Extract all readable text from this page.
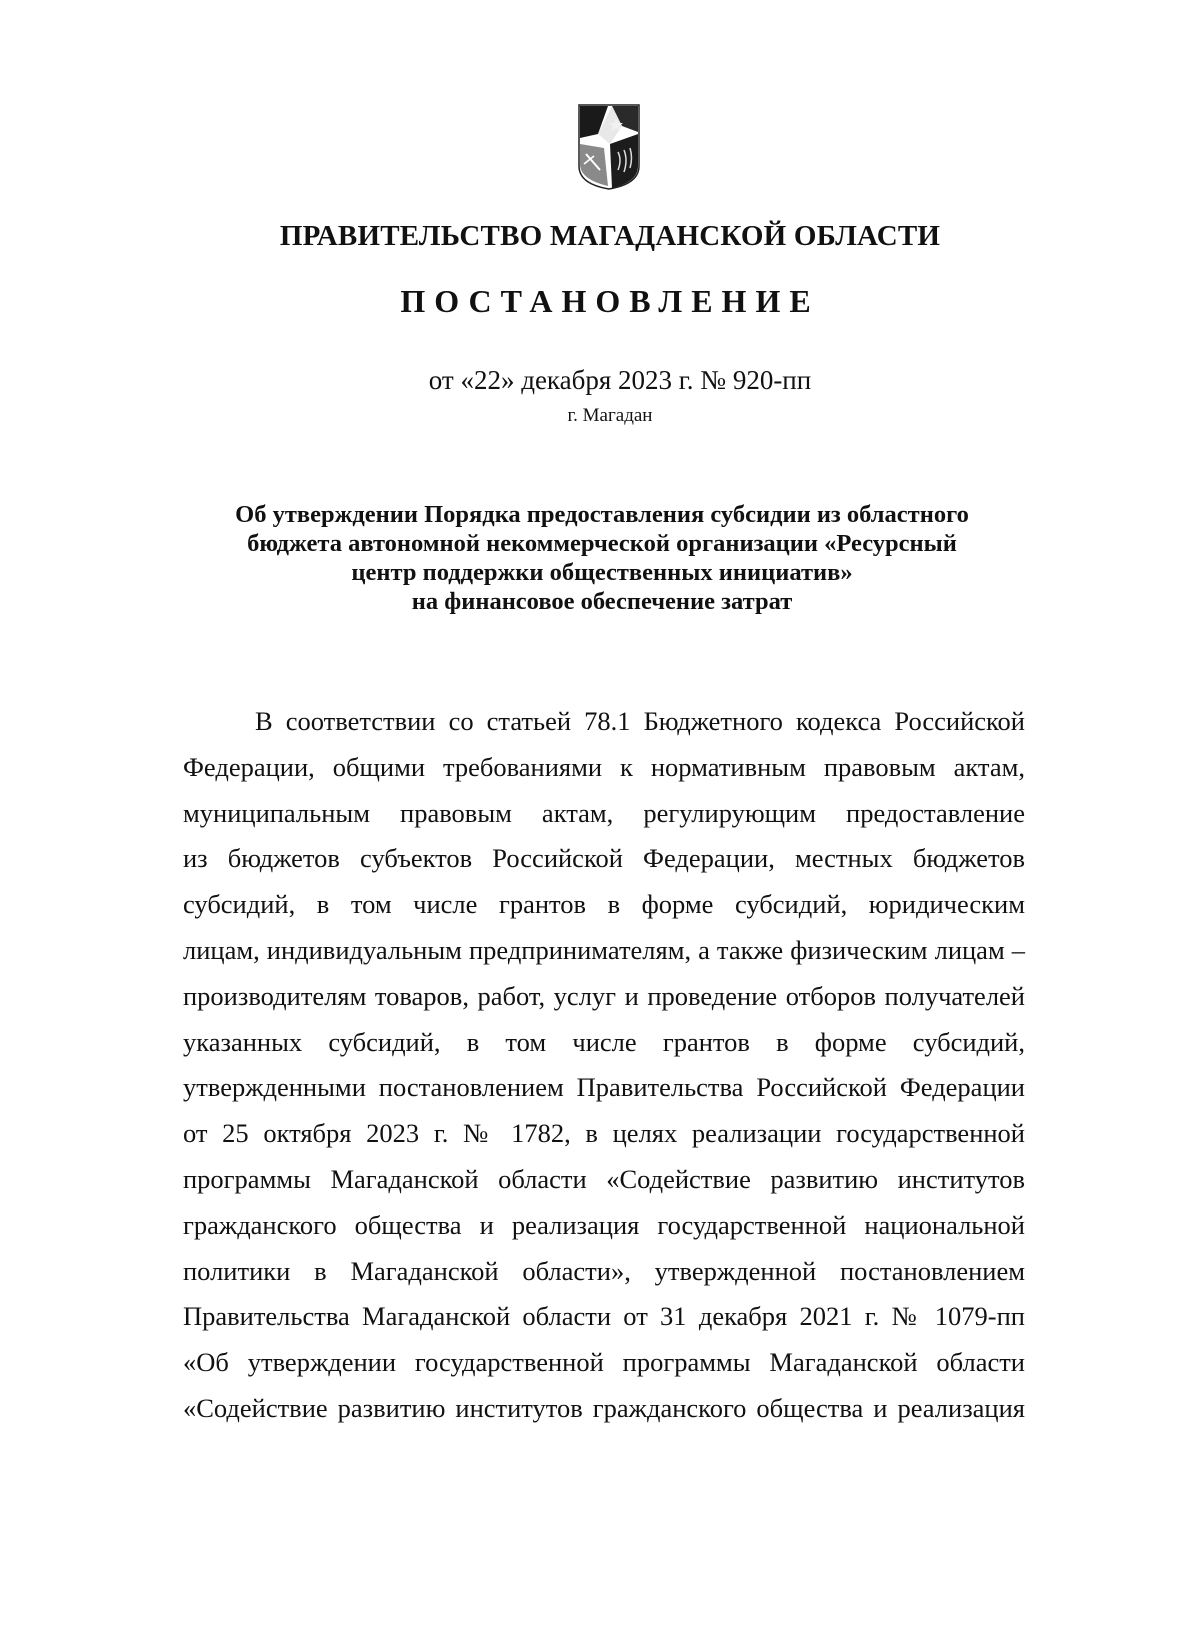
ПРАВИТЕЛЬСТВО МАГАДАНСКОЙ ОБЛАСТИ
ПОСТАНОВЛЕНИЕ
от «22» декабря 2023 г. № 920-пп
г. Магадан
Об утверждении Порядка предоставления субсидии из областного
бюджета автономной некоммерческой организации «Ресурсный
центр поддержки общественных инициатив»
на финансовое обеспечение затрат
В соответствии со статьей 78.1 Бюджетного кодекса Российской
Федерации, общими требованиями к нормативным правовым актам,
муниципальным правовым актам, регулирующим предоставление
из бюджетов субъектов Российской Федерации, местных бюджетов
субсидий, в том числе грантов в форме субсидий, юридическим
лицам, индивидуальным предпринимателям, а также физическим лицам –
производителям товаров, работ, услуг и проведение отборов получателей
указанных субсидий, в том числе грантов в форме субсидий,
утвержденными постановлением Правительства Российской Федерации
от 25 октября 2023 г. № 1782, в целях реализации государственной
программы Магаданской области «Содействие развитию институтов
гражданского общества и реализация государственной национальной
политики в Магаданской области», утвержденной постановлением
Правительства Магаданской области от 31 декабря 2021 г. № 1079-пп
«Об утверждении государственной программы Магаданской области
«Содействие развитию институтов гражданского общества и реализация
